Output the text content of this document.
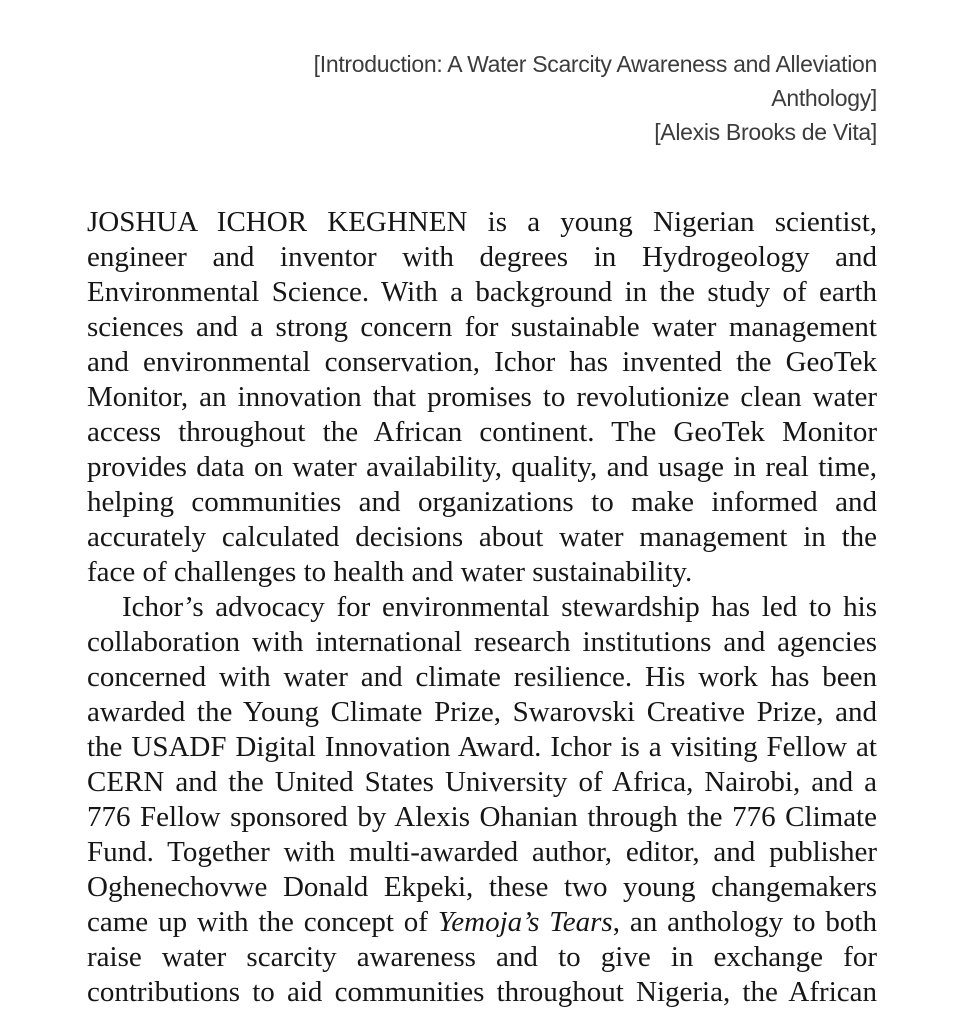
[Introduction: A Water Scarcity Awareness and Alleviation
Anthology]
[Alexis Brooks de Vita]
JOSHUA ICHOR KEGHNEN is a young Nigerian scientist,
engineer and inventor with degrees in Hydrogeology and
Environmental Science. With a background in the study of earth
sciences and a strong concern for sustainable water management
and environmental conservation, Ichor has invented the GeoTek
Monitor, an innovation that promises to revolutionize clean water
access throughout the African continent. The GeoTek Monitor
provides data on water availability, quality, and usage in real time,
helping communities and organizations to make informed and
accurately calculated decisions about water management in the
face of challenges to health and water sustainability.
Ichor’s advocacy for environmental stewardship has led to his
collaboration with international research institutions and agencies
concerned with water and climate resilience. His work has been
awarded the Young Climate Prize, Swarovski Creative Prize, and
the USADF Digital Innovation Award. Ichor is a visiting Fellow at
CERN and the United States University of Africa, Nairobi, and a
776 Fellow sponsored by Alexis Ohanian through the 776 Climate
Fund. Together with multi-awarded author, editor, and publisher
Oghenechovwe Donald Ekpeki, these two young changemakers
came up with the concept of Yemoja’s Tears, an anthology to both
raise water scarcity awareness and to give in exchange for
contributions to aid communities throughout Nigeria, the African
